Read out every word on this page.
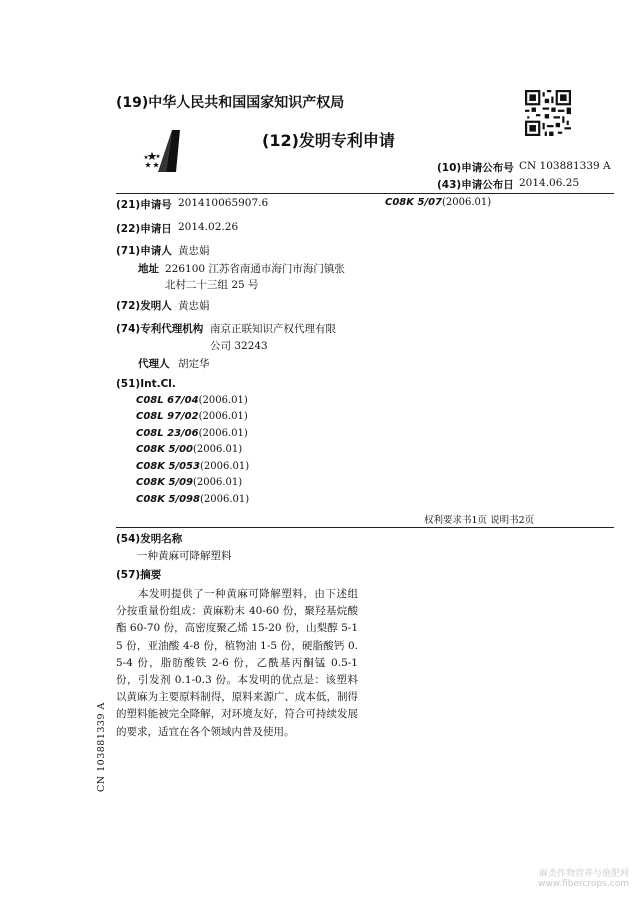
(19)中华人民共和国国家知识产权局
(12)发明专利申请
(10)申请公布号 CN 103881339 A
(43)申请公布日 2014.06.25
(21)申请号 201410065907.6	C08K 5/07(2006.01)
(22)申请日 2014.02.26
(71)申请人 黄忠娟
地址 226100 江苏省南通市海门市海门镇张
北村二十三组 25 号
(72)发明人 黄忠娟
(74)专利代理机构 南京正联知识产权代理有限
公司 32243
代理人 胡定华
(51)Int.Cl.
C08L 67/04(2006.01)
C08L 97/02(2006.01)
C08L 23/06(2006.01)
C08K 5/00(2006.01)
C08K 5/053(2006.01)
C08K 5/09(2006.01)
C08K 5/098(2006.01)
权利要求书1页 说明书2页
(54)发明名称
一种黄麻可降解塑料
(57)摘要
本发明提供了一种黄麻可降解塑料，由下述组分按重量份组成：黄麻粉末 40-60 份，聚羟基烷酸酯 60-70 份，高密度聚乙烯 15-20 份，山梨醇 5-15 份，亚油酸 4-8 份，植物油 1-5 份，硬脂酸钙 0.5-4 份，脂肪酸铁 2-6 份，乙酰基丙酮锰 0.5-1 份，引发剂 0.1-0.3 份。本发明的优点是：该塑料以黄麻为主要原料制得，原料来源广、成本低，制得的塑料能被完全降解，对环境友好，符合可持续发展的要求，适宜在各个领域内普及使用。
CN 103881339 A
麻类作物营养与施肥网
www.fibercrops.com
